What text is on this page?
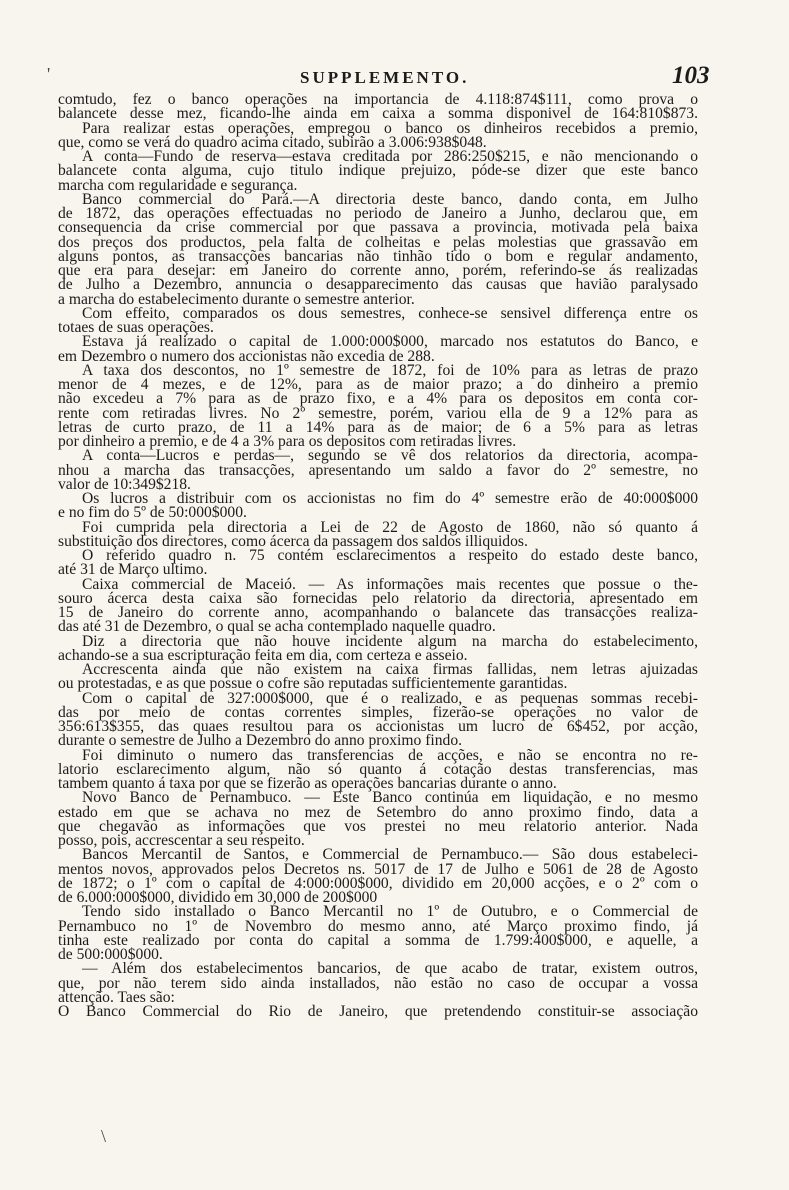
SUPPLEMENTO.	103
comtudo, fez o banco operações na importancia de 4.118:874$111, como prova o
balancete desse mez, ficando-lhe ainda em caixa a somma disponivel de 164:810$873.
Para realizar estas operações, empregou o banco os dinheiros recebidos a premio,
que, como se verá do quadro acima citado, subirão a 3.006:938$048.
A conta—Fundo de reserva—estava creditada por 286:250$215, e não mencionando o
balancete conta alguma, cujo titulo indique prejuizo, póde-se dizer que este banco
marcha com regularidade e segurança.
Banco commercial do Pará.—A directoria deste banco, dando conta, em Julho
de 1872, das operações effectuadas no periodo de Janeiro a Junho, declarou que, em
consequencia da crise commercial por que passava a provincia, motivada pela baixa
dos preços dos productos, pela falta de colheitas e pelas molestias que grassavão em
alguns pontos, as transacções bancarias não tinhão tido o bom e regular andamento,
que era para desejar: em Janeiro do corrente anno, porém, referindo-se ás realizadas
de Julho a Dezembro, annuncia o desapparecimento das causas que havião paralysado
a marcha do estabelecimento durante o semestre anterior.
Com effeito, comparados os dous semestres, conhece-se sensivel differença entre os
totaes de suas operações.
Estava já realizado o capital de 1.000:000$000, marcado nos estatutos do Banco, e
em Dezembro o numero dos accionistas não excedia de 288.
A taxa dos descontos, no 1º semestre de 1872, foi de 10% para as letras de prazo
menor de 4 mezes, e de 12%, para as de maior prazo; a do dinheiro a premio
não excedeu a 7% para as de prazo fixo, e a 4% para os depositos em conta cor-
rente com retiradas livres. No 2º semestre, porém, variou ella de 9 a 12% para as
letras de curto prazo, de 11 a 14% para as de maior; de 6 a 5% para as letras
por dinheiro a premio, e de 4 a 3% para os depositos com retiradas livres.
A conta—Lucros e perdas—, segundo se vê dos relatorios da directoria, acompa-
nhou a marcha das transacções, apresentando um saldo a favor do 2º semestre, no
valor de 10:349$218.
Os lucros a distribuir com os accionistas no fim do 4º semestre erão de 40:000$000
e no fim do 5º de 50:000$000.
Foi cumprida pela directoria a Lei de 22 de Agosto de 1860, não só quanto á
substituição dos directores, como ácerca da passagem dos saldos illiquidos.
O referido quadro n. 75 contém esclarecimentos a respeito do estado deste banco,
até 31 de Março ultimo.
Caixa commercial de Maceió. — As informações mais recentes que possue o the-
souro ácerca desta caixa são fornecidas pelo relatorio da directoria, apresentado em
15 de Janeiro do corrente anno, acompanhando o balancete das transacções realiza-
das até 31 de Dezembro, o qual se acha contemplado naquelle quadro.
Diz a directoria que não houve incidente algum na marcha do estabelecimento,
achando-se a sua escripturação feita em dia, com certeza e asseio.
Accrescenta ainda que não existem na caixa firmas fallidas, nem letras ajuizadas
ou protestadas, e as que possue o cofre são reputadas sufficientemente garantidas.
Com o capital de 327:000$000, que é o realizado, e as pequenas sommas recebi-
das por meio de contas correntes simples, fizerão-se operações no valor de
356:613$355, das quaes resultou para os accionistas um lucro de 6$452, por acção,
durante o semestre de Julho a Dezembro do anno proximo findo.
Foi diminuto o numero das transferencias de acções, e não se encontra no re-
latorio esclarecimento algum, não só quanto á cotação destas transferencias, mas
tambem quanto á taxa por que se fizerão as operações bancarias durante o anno.
Novo Banco de Pernambuco. — Este Banco continúa em liquidação, e no mesmo
estado em que se achava no mez de Setembro do anno proximo findo, data a
que chegavão as informações que vos prestei no meu relatorio anterior. Nada
posso, pois, accrescentar a seu respeito.
Bancos Mercantil de Santos, e Commercial de Pernambuco.— São dous estabeleci-
mentos novos, approvados pelos Decretos ns. 5017 de 17 de Julho e 5061 de 28 de Agosto
de 1872; o 1º com o capital de 4:000:000$000, dividido em 20,000 acções, e o 2º com o
de 6.000:000$000, dividido em 30,000 de 200$000
Tendo sido installado o Banco Mercantil no 1º de Outubro, e o Commercial de
Pernambuco no 1º de Novembro do mesmo anno, até Março proximo findo, já
tinha este realizado por conta do capital a somma de 1.799:400$000, e aquelle, a
de 500:000$000.
— Além dos estabelecimentos bancarios, de que acabo de tratar, existem outros,
que, por não terem sido ainda installados, não estão no caso de occupar a vossa
attenção. Taes são:
O Banco Commercial do Rio de Janeiro, que pretendendo constituir-se associação
'
\
